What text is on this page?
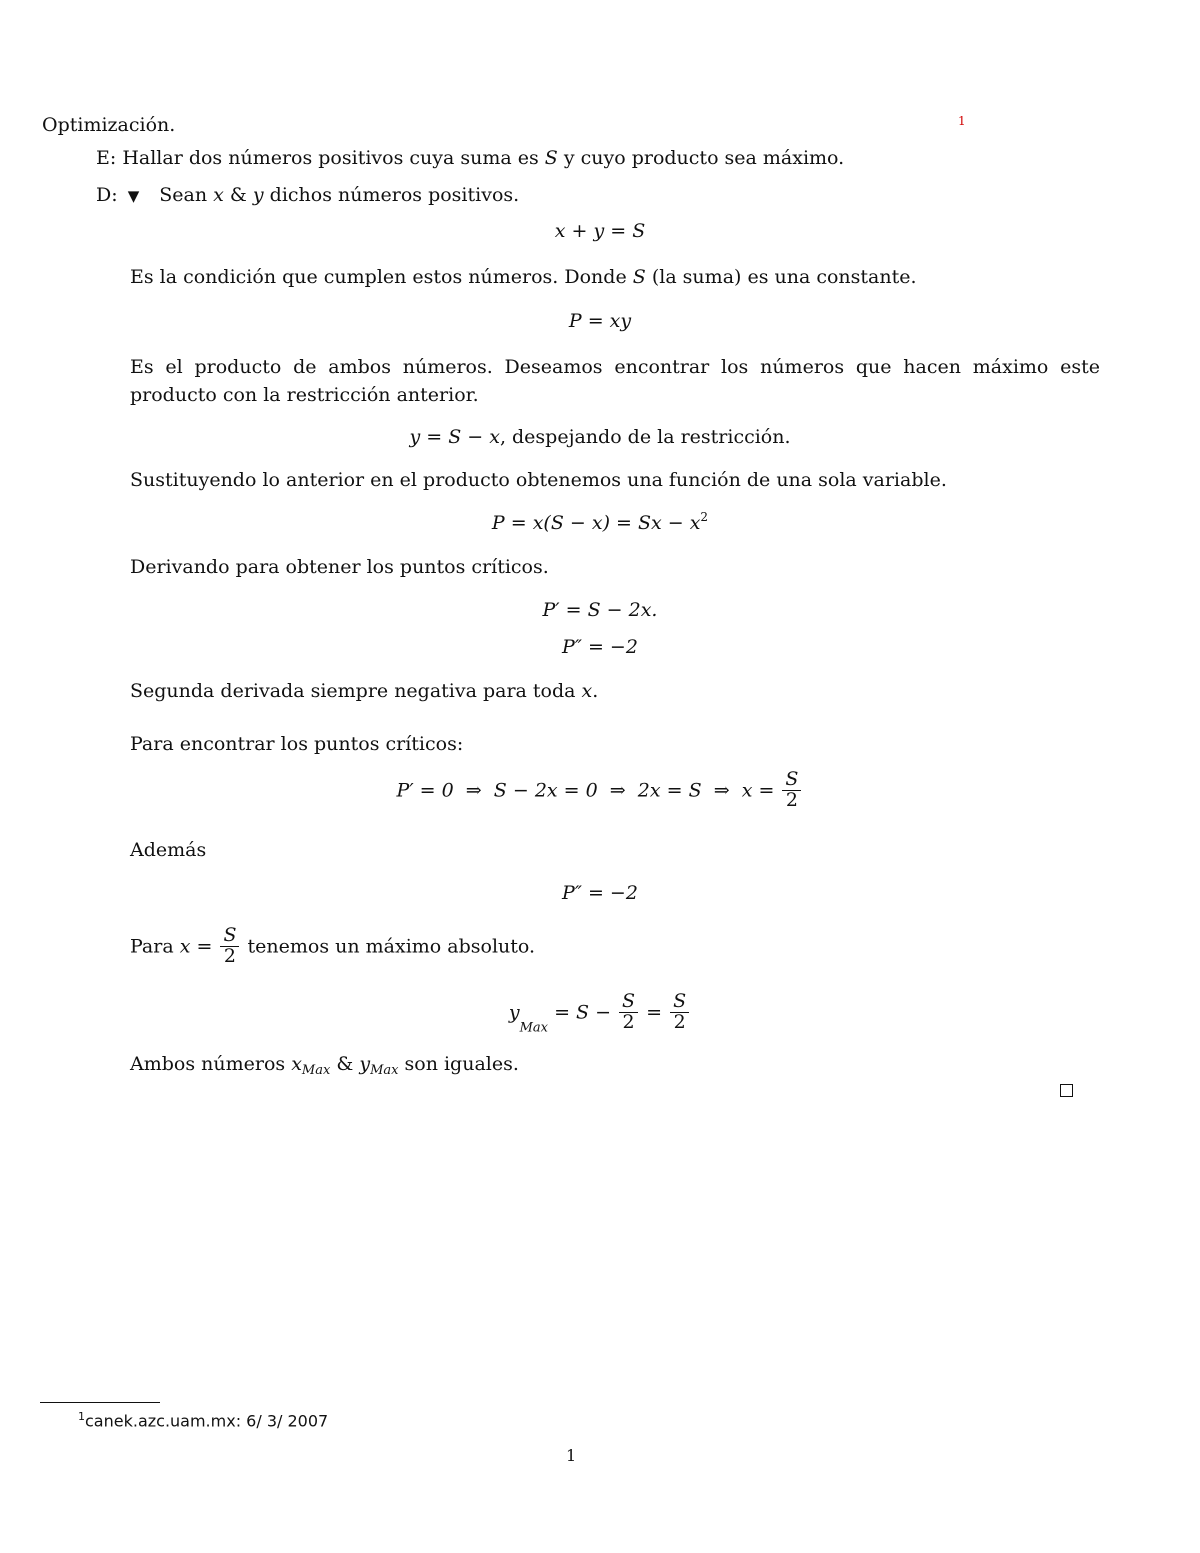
Optimización.	1
E: Hallar dos números positivos cuya suma es S y cuyo producto sea máximo.
D: ▼ Sean x & y dichos números positivos.
x + y = S
Es la condición que cumplen estos números. Donde S (la suma) es una constante.
P = xy
Es el producto de ambos números. Deseamos encontrar los números que hacen máximo este producto con la restricción anterior.
y = S − x, despejando de la restricción.
Sustituyendo lo anterior en el producto obtenemos una función de una sola variable.
$P = x(S - x) = Sx - x^2$
Derivando para obtener los puntos críticos.
P′ = S − 2x.
P″ = −2
Segunda derivada siempre negativa para toda x.
Para encontrar los puntos críticos:
P′ = 0  ⇒  S − 2x = 0  ⇒  2x = S  ⇒  $x = \frac{S}{2}$
Además
P″ = −2
Para $x = \frac{S}{2}$ tenemos un máximo absoluto.
$y_{Max} = S - \frac{S}{2} = \frac{S}{2}$
Ambos números $x_{Max}$ & $y_{Max}$ son iguales.
$^1$canek.azc.uam.mx: 6/ 3/ 2007
1
